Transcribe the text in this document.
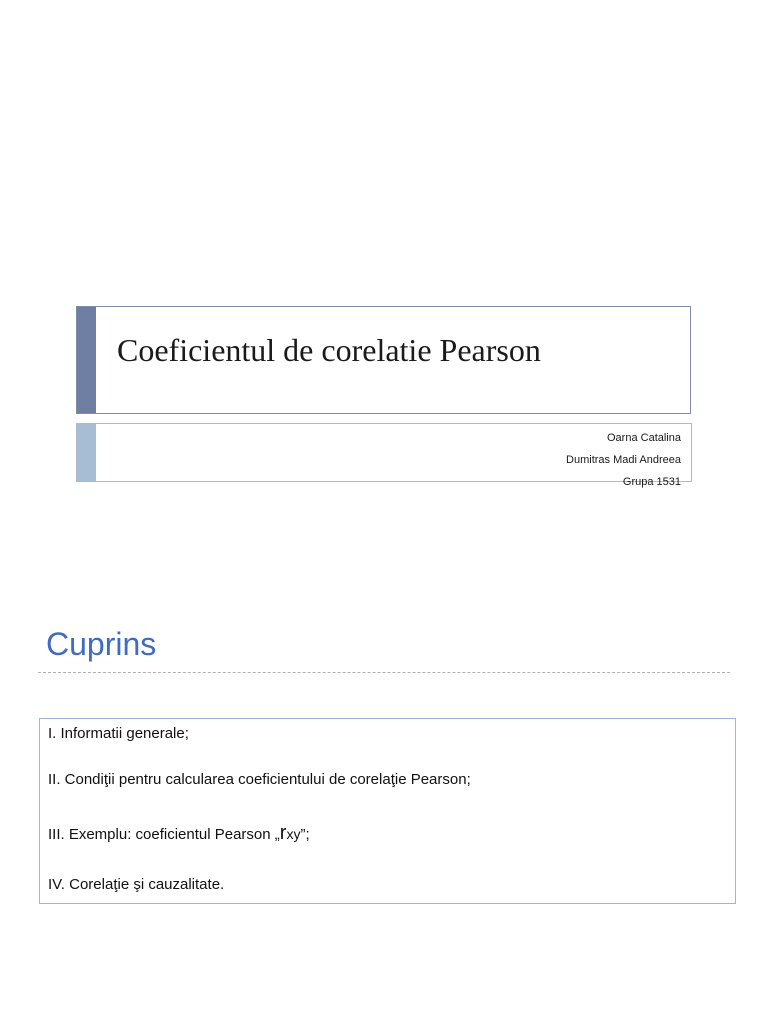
Coeficientul de corelatie Pearson
Oarna Catalina
Dumitras Madi Andreea
Grupa 1531
Cuprins
I. Informatii generale;
II. Condiţii pentru calcularea coeficientului de corelaţie Pearson;
III. Exemplu: coeficientul Pearson „rxy”;
IV. Corelaţie şi cauzalitate.
